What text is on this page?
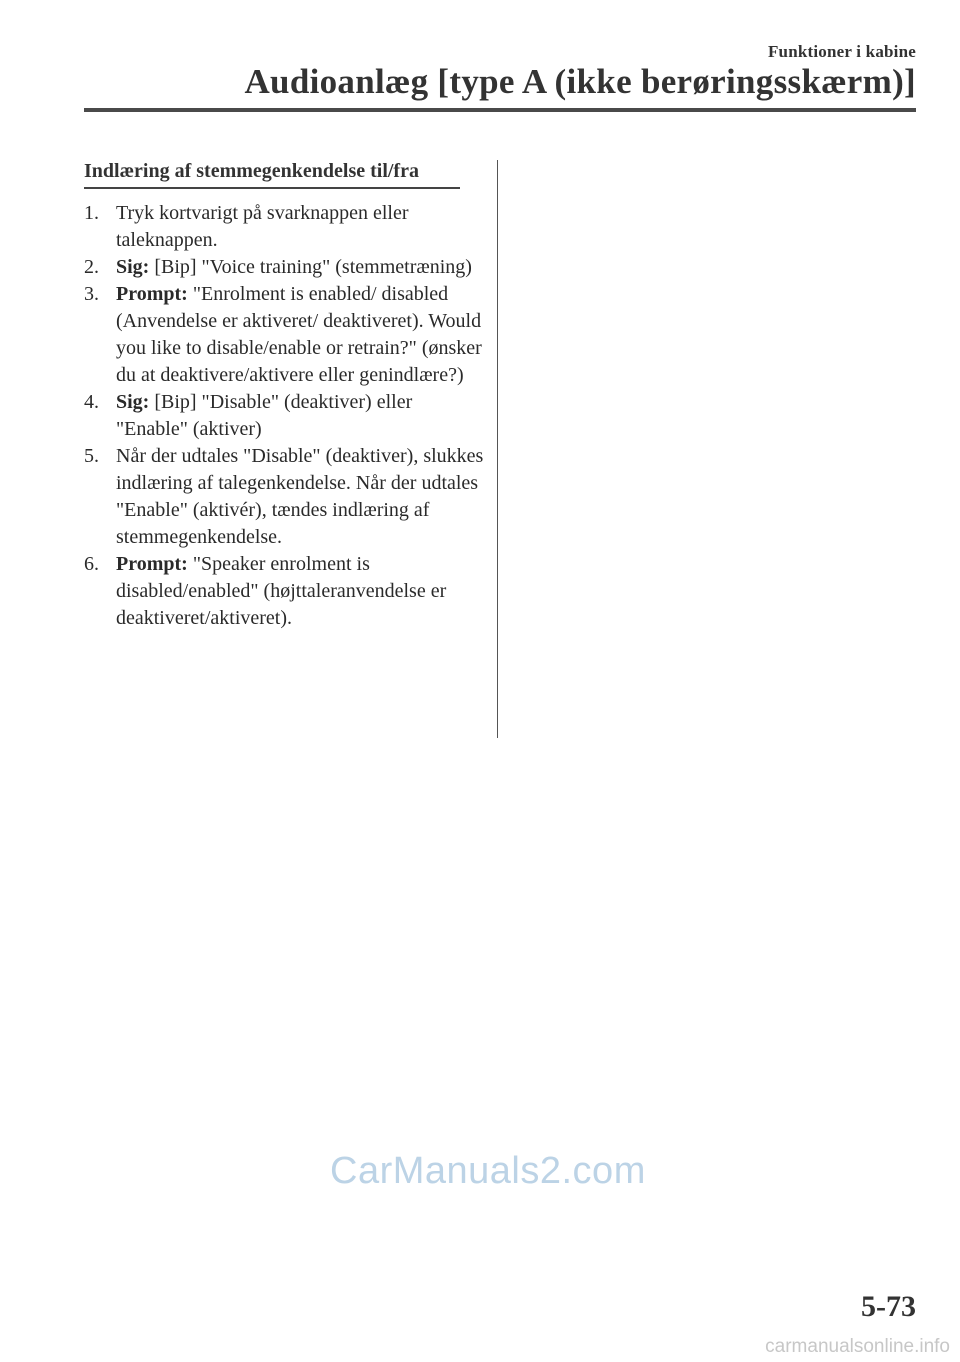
Funktioner i kabine
Audioanlæg [type A (ikke berøringsskærm)]
Indlæring af stemmegenkendelse til/fra
1. Tryk kortvarigt på svarknappen eller taleknappen.
2. Sig: [Bip] "Voice training" (stemmetræning)
3. Prompt: "Enrolment is enabled/ disabled (Anvendelse er aktiveret/ deaktiveret). Would you like to disable/enable or retrain?" (ønsker du at deaktivere/aktivere eller genindlære?)
4. Sig: [Bip] "Disable" (deaktiver) eller "Enable" (aktiver)
5. Når der udtales "Disable" (deaktiver), slukkes indlæring af talegenkendelse. Når der udtales "Enable" (aktivér), tændes indlæring af stemmegenkendelse.
6. Prompt: "Speaker enrolment is disabled/enabled" (højttaleranvendelse er deaktiveret/aktiveret).
CarManuals2.com
5-73
carmanualsonline.info
